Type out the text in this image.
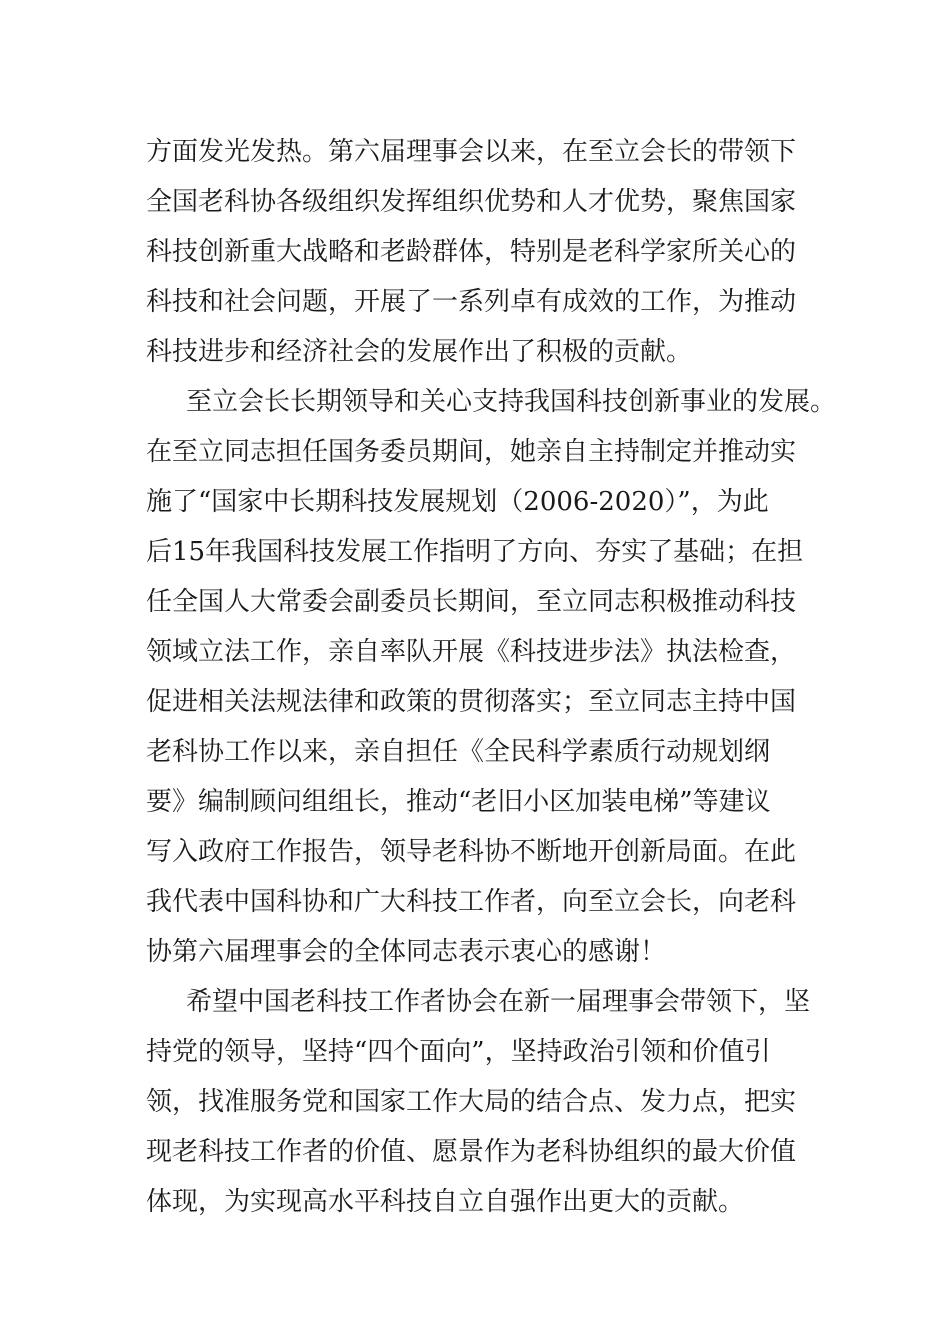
方面发光发热。第六届理事会以来，在至立会长的带领下

全国老科协各级组织发挥组织优势和人才优势，聚焦国家

科技创新重大战略和老龄群体，特别是老科学家所关心的

科技和社会问题，开展了一系列卓有成效的工作，为推动

科技进步和经济社会的发展作出了积极的贡献。

至立会长长期领导和关心支持我国科技创新事业的发展。

在至立同志担任国务委员期间，她亲自主持制定并推动实

施了“国家中长期科技发展规划（2006-2020）”，为此

后15年我国科技发展工作指明了方向、夯实了基础；在担

任全国人大常委会副委员长期间，至立同志积极推动科技

领域立法工作，亲自率队开展《科技进步法》执法检查，

促进相关法规法律和政策的贯彻落实；至立同志主持中国

老科协工作以来，亲自担任《全民科学素质行动规划纲

要》编制顾问组组长，推动“老旧小区加装电梯”等建议

写入政府工作报告，领导老科协不断地开创新局面。在此

我代表中国科协和广大科技工作者，向至立会长，向老科

协第六届理事会的全体同志表示衷心的感谢！

希望中国老科技工作者协会在新一届理事会带领下，坚

持党的领导，坚持“四个面向”，坚持政治引领和价值引

领，找准服务党和国家工作大局的结合点、发力点，把实

现老科技工作者的价值、愿景作为老科协组织的最大价值

体现，为实现高水平科技自立自强作出更大的贡献。
